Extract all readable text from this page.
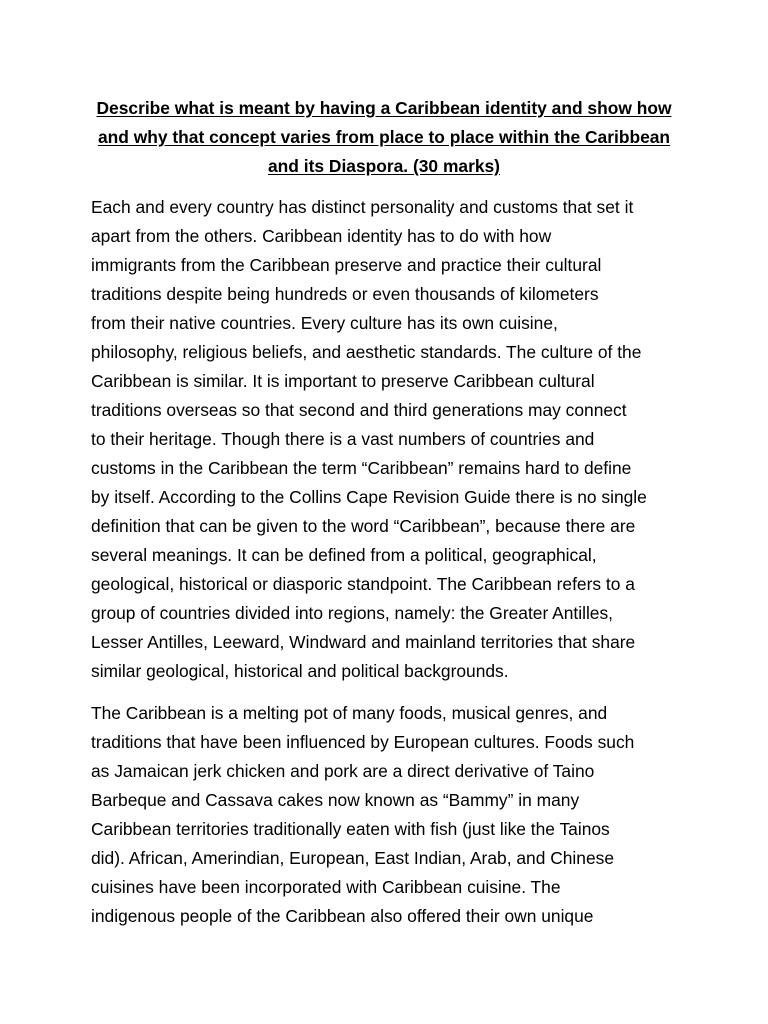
Describe what is meant by having a Caribbean identity and show how
and why that concept varies from place to place within the Caribbean
and its Diaspora. (30 marks)
Each and every country has distinct personality and customs that set it
apart from the others. Caribbean identity has to do with how
immigrants from the Caribbean preserve and practice their cultural
traditions despite being hundreds or even thousands of kilometers
from their native countries. Every culture has its own cuisine,
philosophy, religious beliefs, and aesthetic standards. The culture of the
Caribbean is similar. It is important to preserve Caribbean cultural
traditions overseas so that second and third generations may connect
to their heritage. Though there is a vast numbers of countries and
customs in the Caribbean the term “Caribbean” remains hard to define
by itself. According to the Collins Cape Revision Guide there is no single
definition that can be given to the word “Caribbean”, because there are
several meanings. It can be defined from a political, geographical,
geological, historical or diasporic standpoint. The Caribbean refers to a
group of countries divided into regions, namely: the Greater Antilles,
Lesser Antilles, Leeward, Windward and mainland territories that share
similar geological, historical and political backgrounds.
The Caribbean is a melting pot of many foods, musical genres, and
traditions that have been influenced by European cultures. Foods such
as Jamaican jerk chicken and pork are a direct derivative of Taino
Barbeque and Cassava cakes now known as “Bammy” in many
Caribbean territories traditionally eaten with fish (just like the Tainos
did). African, Amerindian, European, East Indian, Arab, and Chinese
cuisines have been incorporated with Caribbean cuisine. The
indigenous people of the Caribbean also offered their own unique
